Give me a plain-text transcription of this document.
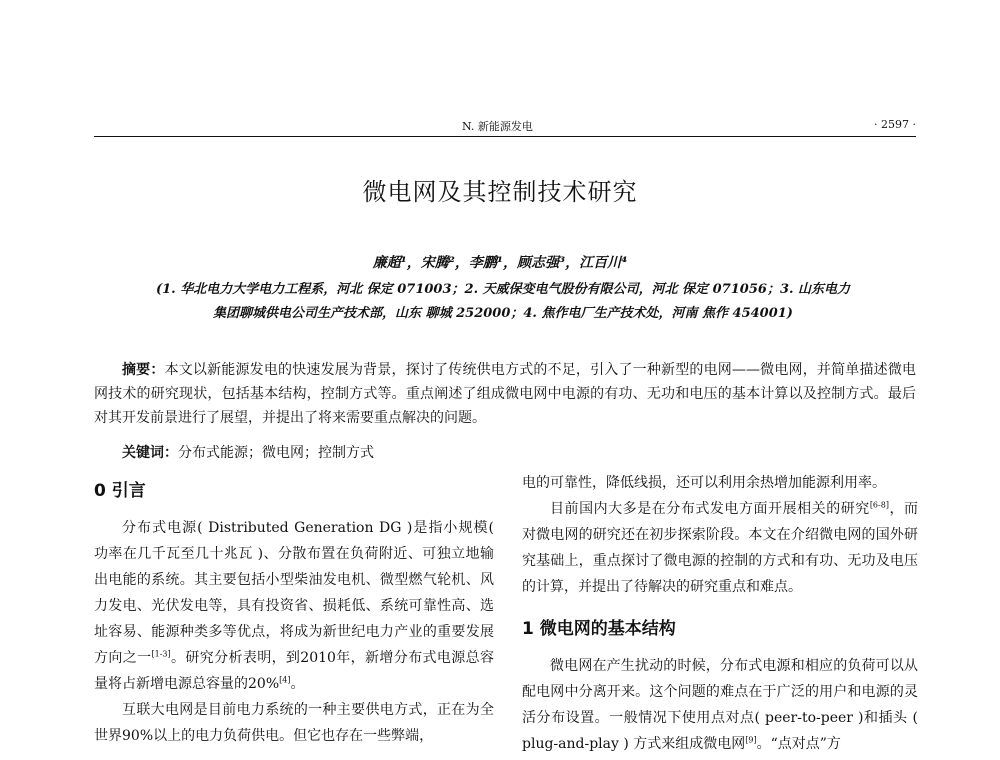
N. 新能源发电	· 2597 ·
微电网及其控制技术研究
廉超¹，宋腾²，李鹏¹，顾志强³，江百川⁴
(1. 华北电力大学电力工程系，河北 保定 071003；2. 天威保变电气股份有限公司，河北 保定 071056；3. 山东电力
集团聊城供电公司生产技术部，山东 聊城 252000；4. 焦作电厂生产技术处，河南 焦作 454001)
摘要：本文以新能源发电的快速发展为背景，探讨了传统供电方式的不足，引入了一种新型的电网——微电网，并简单描述微电网技术的研究现状，包括基本结构，控制方式等。重点阐述了组成微电网中电源的有功、无功和电压的基本计算以及控制方式。最后对其开发前景进行了展望，并提出了将来需要重点解决的问题。
关键词：分布式能源；微电网；控制方式

0 引言

分布式电源( Distributed Generation DG )是指小规模( 功率在几千瓦至几十兆瓦 )、分散布置在负荷附近、可独立地输出电能的系统。其主要包括小型柴油发电机、微型燃气轮机、风力发电、光伏发电等，具有投资省、损耗低、系统可靠性高、选址容易、能源种类多等优点，将成为新世纪电力产业的重要发展方向之一[1-3]。研究分析表明，到2010年，新增分布式电源总容量将占新增电源总容量的20%[4]。

互联大电网是目前电力系统的一种主要供电方式，正在为全世界90%以上的电力负荷供电。但它也存在一些弊端，

电的可靠性，降低线损，还可以利用余热增加能源利用率。

目前国内大多是在分布式发电方面开展相关的研究[6-8]，而对微电网的研究还在初步探索阶段。本文在介绍微电网的国外研究基础上，重点探讨了微电源的控制的方式和有功、无功及电压的计算，并提出了待解决的研究重点和难点。

1 微电网的基本结构

微电网在产生扰动的时候，分布式电源和相应的负荷可以从配电网中分离开来。这个问题的难点在于广泛的用户和电源的灵活分布设置。一般情况下使用点对点( peer-to-peer )和插头 ( plug-and-play ) 方式来组成微电网[9]。“点对点”方
